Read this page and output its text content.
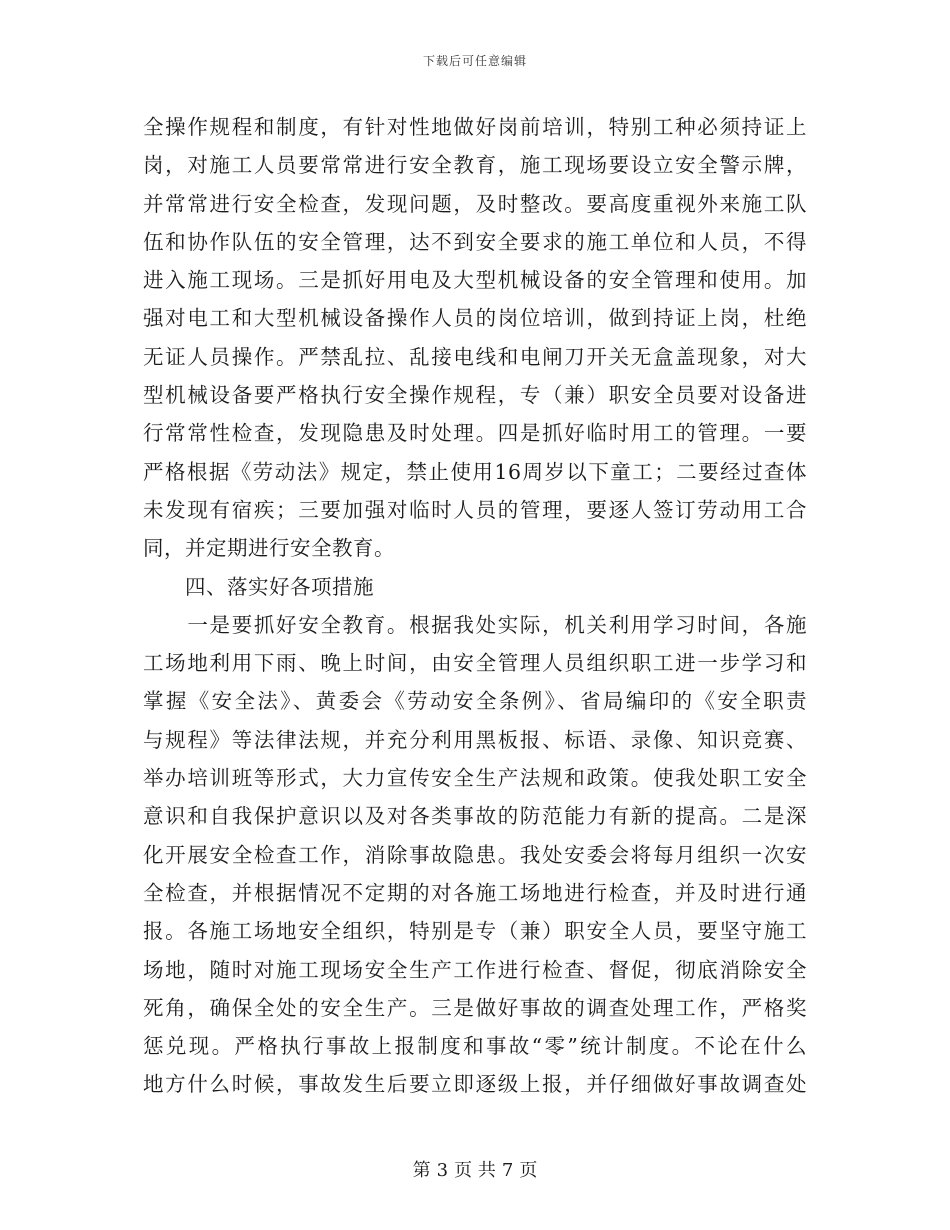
下载后可任意编辑
全操作规程和制度，有针对性地做好岗前培训，特别工种必须持证上
岗，对施工人员要常常进行安全教育，施工现场要设立安全警示牌，
并常常进行安全检查，发现问题，及时整改。要高度重视外来施工队
伍和协作队伍的安全管理，达不到安全要求的施工单位和人员，不得
进入施工现场。三是抓好用电及大型机械设备的安全管理和使用。加
强对电工和大型机械设备操作人员的岗位培训，做到持证上岗，杜绝
无证人员操作。严禁乱拉、乱接电线和电闸刀开关无盒盖现象，对大
型机械设备要严格执行安全操作规程，专（兼）职安全员要对设备进
行常常性检查，发现隐患及时处理。四是抓好临时用工的管理。一要
严格根据《劳动法》规定，禁止使用16周岁以下童工；二要经过查体
未发现有宿疾；三要加强对临时人员的管理，要逐人签订劳动用工合
同，并定期进行安全教育。
　　四、落实好各项措施
　　一是要抓好安全教育。根据我处实际，机关利用学习时间，各施
工场地利用下雨、晚上时间，由安全管理人员组织职工进一步学习和
掌握《安全法》、黄委会《劳动安全条例》、省局编印的《安全职责
与规程》等法律法规，并充分利用黑板报、标语、录像、知识竞赛、
举办培训班等形式，大力宣传安全生产法规和政策。使我处职工安全
意识和自我保护意识以及对各类事故的防范能力有新的提高。二是深
化开展安全检查工作，消除事故隐患。我处安委会将每月组织一次安
全检查，并根据情况不定期的对各施工场地进行检查，并及时进行通
报。各施工场地安全组织，特别是专（兼）职安全人员，要坚守施工
场地，随时对施工现场安全生产工作进行检查、督促，彻底消除安全
死角，确保全处的安全生产。三是做好事故的调查处理工作，严格奖
惩兑现。严格执行事故上报制度和事故“零”统计制度。不论在什么
地方什么时候，事故发生后要立即逐级上报，并仔细做好事故调查处
第 3 页 共 7 页
